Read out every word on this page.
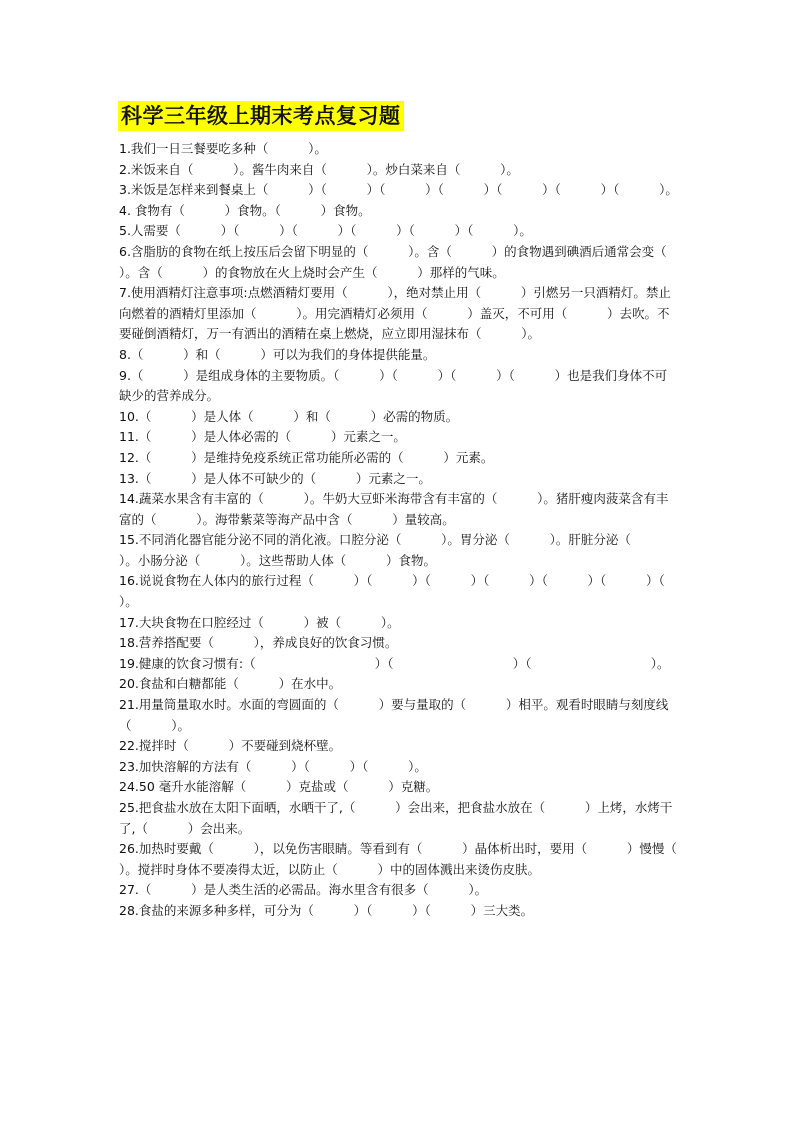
科学三年级上期末考点复习题

1.我们一日三餐要吃多种（          ）。

2.米饭来自（          ）。酱牛肉来自（          ）。炒白菜来自（          ）。

3.米饭是怎样来到餐桌上（          ）（          ）（          ）（          ）（          ）（          ）（          ）。

4. 食物有（          ）食物。（          ）食物。

5.人需要（          ）（          ）（          ）（          ）（          ）（          ）。

6.含脂肪的食物在纸上按压后会留下明显的（          ）。含（          ）的食物遇到碘酒后通常会变（          ）。含（          ）的食物放在火上烧时会产生（          ）那样的气味。

7.使用酒精灯注意事项:点燃酒精灯要用（          ），绝对禁止用（          ）引燃另一只酒精灯。禁止向燃着的酒精灯里添加（          ）。用完酒精灯必须用（          ）盖灭，不可用（          ）去吹。不要碰倒酒精灯，万一有洒出的酒精在桌上燃烧，应立即用湿抹布（          ）。

8.（          ）和（          ）可以为我们的身体提供能量。

9.（          ）是组成身体的主要物质。（          ）（          ）（          ）（          ）也是我们身体不可缺少的营养成分。

10.（          ）是人体（          ）和（          ）必需的物质。

11.（          ）是人体必需的（          ）元素之一。

12.（          ）是维持免疫系统正常功能所必需的（          ）元素。

13.（          ）是人体不可缺少的（          ）元素之一。

14.蔬菜水果含有丰富的（          ）。牛奶大豆虾米海带含有丰富的（          ）。猪肝瘦肉菠菜含有丰富的（          ）。海带紫菜等海产品中含（          ）量较高。

15.不同消化器官能分泌不同的消化液。口腔分泌（          ）。胃分泌（          ）。肝脏分泌（          ）。小肠分泌（          ）。这些帮助人体（          ）食物。

16.说说食物在人体内的旅行过程（          ）（          ）（          ）（          ）（          ）（          ）（          ）。

17.大块食物在口腔经过（          ）被（          ）。

18.营养搭配要（          ），养成良好的饮食习惯。

19.健康的饮食习惯有:（                              ）（                              ）（                              ）。

20.食盐和白糖都能（          ）在水中。

21.用量筒量取水时。水面的弯圆面的（          ）要与量取的（          ）相平。观看时眼睛与刻度线（          ）。

22.搅拌时（          ）不要碰到烧杯壁。

23.加快溶解的方法有（          ）（          ）（          ）。

24.50 毫升水能溶解（          ）克盐或（          ）克糖。

25.把食盐水放在太阳下面晒，水晒干了,（          ）会出来，把食盐水放在（          ）上烤，水烤干了,（          ）会出来。

26.加热时要戴（          ），以免伤害眼睛。等看到有（          ）晶体析出时，要用（          ）慢慢（          ）。搅拌时身体不要凑得太近，以防止（          ）中的固体溅出来烫伤皮肤。

27.（          ）是人类生活的必需品。海水里含有很多（          ）。

28.食盐的来源多种多样，可分为（          ）（          ）（          ）三大类。
